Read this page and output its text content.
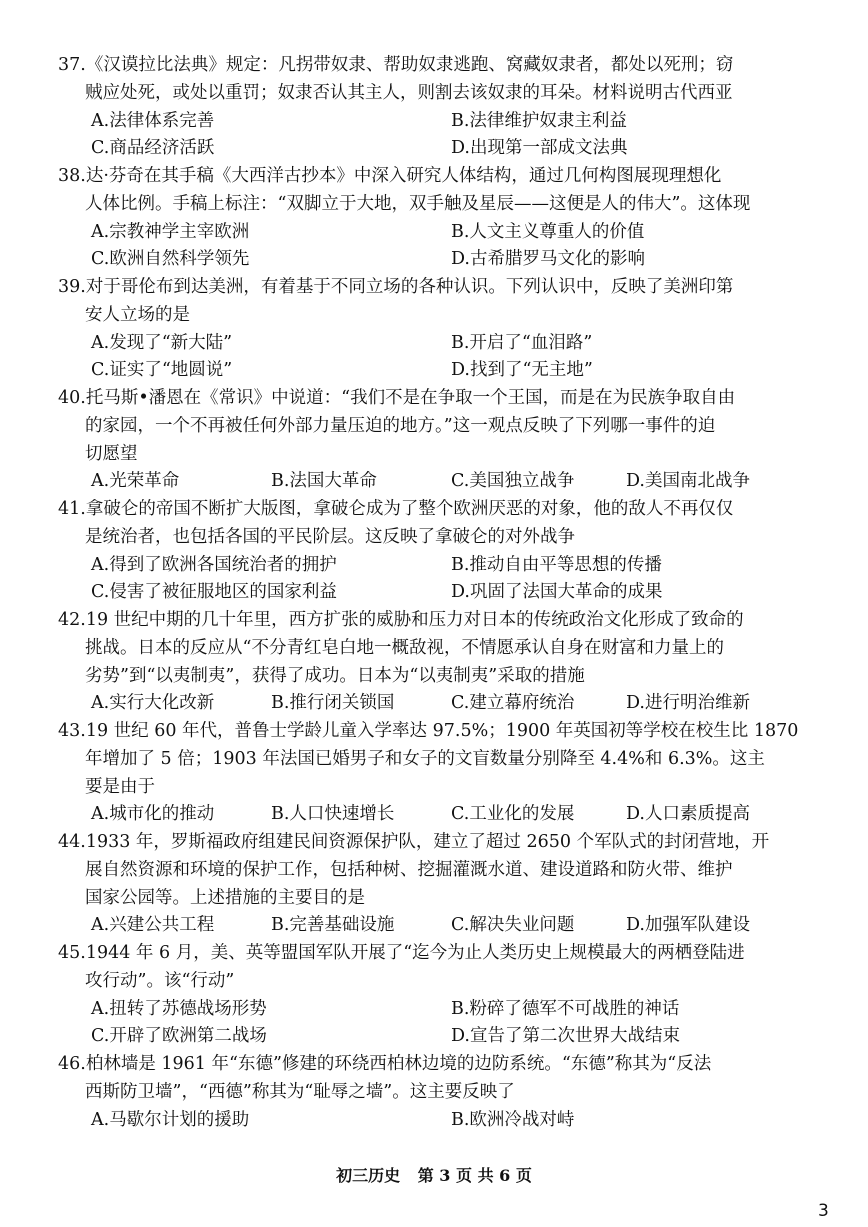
37.《汉谟拉比法典》规定：凡拐带奴隶、帮助奴隶逃跑、窝藏奴隶者，都处以死刑；窃
贼应处死，或处以重罚；奴隶否认其主人，则割去该奴隶的耳朵。材料说明古代西亚
A.法律体系完善	B.法律维护奴隶主利益
C.商品经济活跃	D.出现第一部成文法典
38.达·芬奇在其手稿《大西洋古抄本》中深入研究人体结构，通过几何构图展现理想化
人体比例。手稿上标注：“双脚立于大地，双手触及星辰——这便是人的伟大”。这体现
A.宗教神学主宰欧洲	B.人文主义尊重人的价值
C.欧洲自然科学领先	D.古希腊罗马文化的影响
39.对于哥伦布到达美洲，有着基于不同立场的各种认识。下列认识中，反映了美洲印第
安人立场的是
A.发现了“新大陆”	B.开启了“血泪路”
C.证实了“地圆说”	D.找到了“无主地”
40.托马斯•潘恩在《常识》中说道：“我们不是在争取一个王国，而是在为民族争取自由
的家园，一个不再被任何外部力量压迫的地方。”这一观点反映了下列哪一事件的迫
切愿望
A.光荣革命	B.法国大革命	C.美国独立战争	D.美国南北战争
41.拿破仑的帝国不断扩大版图，拿破仑成为了整个欧洲厌恶的对象，他的敌人不再仅仅
是统治者，也包括各国的平民阶层。这反映了拿破仑的对外战争
A.得到了欧洲各国统治者的拥护	B.推动自由平等思想的传播
C.侵害了被征服地区的国家利益	D.巩固了法国大革命的成果
42.19 世纪中期的几十年里，西方扩张的威胁和压力对日本的传统政治文化形成了致命的
挑战。日本的反应从“不分青红皂白地一概敌视，不情愿承认自身在财富和力量上的
劣势”到“以夷制夷”，获得了成功。日本为“以夷制夷”采取的措施
A.实行大化改新	B.推行闭关锁国	C.建立幕府统治	D.进行明治维新
43.19 世纪 60 年代，普鲁士学龄儿童入学率达 97.5%；1900 年英国初等学校在校生比 1870
年增加了 5 倍；1903 年法国已婚男子和女子的文盲数量分别降至 4.4%和 6.3%。这主
要是由于
A.城市化的推动	B.人口快速增长	C.工业化的发展	D.人口素质提高
44.1933 年，罗斯福政府组建民间资源保护队，建立了超过 2650 个军队式的封闭营地，开
展自然资源和环境的保护工作，包括种树、挖掘灌溉水道、建设道路和防火带、维护
国家公园等。上述措施的主要目的是
A.兴建公共工程	B.完善基础设施	C.解决失业问题	D.加强军队建设
45.1944 年 6 月，美、英等盟国军队开展了“迄今为止人类历史上规模最大的两栖登陆进
攻行动”。该“行动”
A.扭转了苏德战场形势	B.粉碎了德军不可战胜的神话
C.开辟了欧洲第二战场	D.宣告了第二次世界大战结束
46.柏林墙是 1961 年“东德”修建的环绕西柏林边境的边防系统。“东德”称其为“反法
西斯防卫墙”，“西德”称其为“耻辱之墙”。这主要反映了
A.马歇尔计划的援助	B.欧洲冷战对峙
初三历史 第 3 页 共 6 页
3
